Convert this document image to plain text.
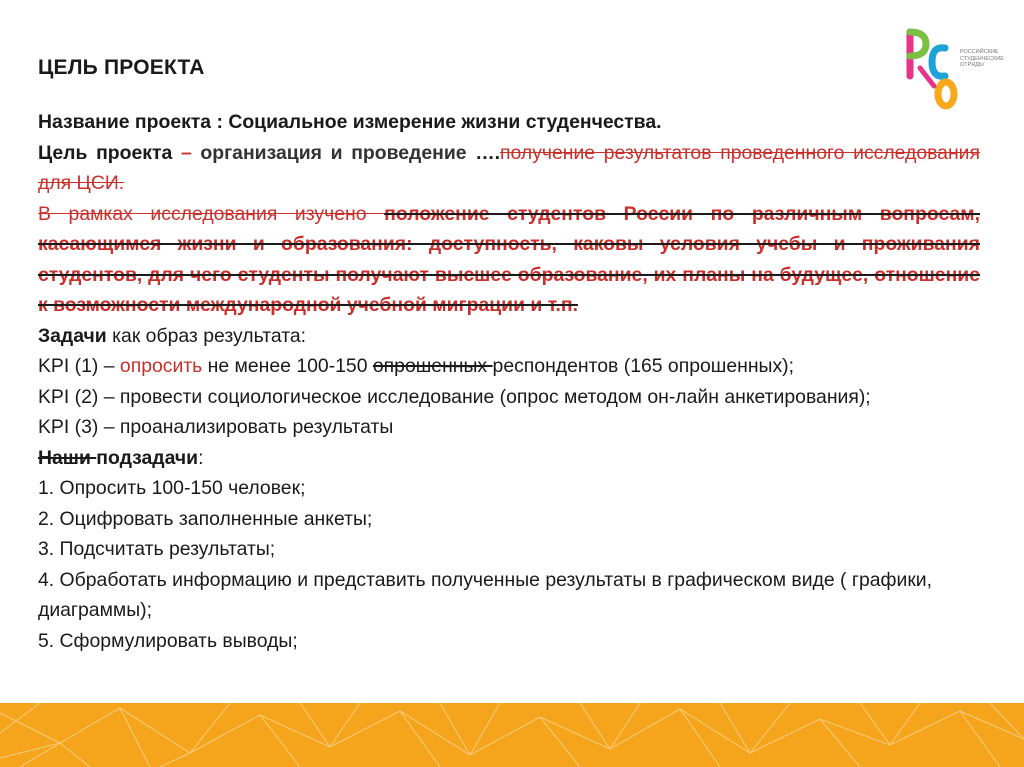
ЦЕЛЬ ПРОЕКТА
РОССИЙСКИЕ
СТУДЕНЧЕСКИЕ
ОТРЯДЫ

Название проекта : Социальное измерение жизни студенчества.

Цель проекта – организация и проведение ….получение результатов проведенного исследования для ЦСИ.

В рамках исследования изучено положение студентов России по различным вопросам, касающимся жизни и образования: доступность, каковы условия учебы и проживания студентов, для чего студенты получают высшее образование, их планы на будущее, отношение к возможности международной учебной миграции и т.п.

Задачи как образ результата:

KPI (1) – опросить не менее 100-150 опрошенных респондентов (165 опрошенных);

KPI (2) – провести социологическое исследование (опрос методом он-лайн анкетирования);

KPI (3) – проанализировать результаты

Наши подзадачи:

1. Опросить 100-150 человек;

2. Оцифровать заполненные анкеты;

3. Подсчитать результаты;

4. Обработать информацию и представить полученные результаты в графическом виде ( графики, диаграммы);

5. Сформулировать выводы;
